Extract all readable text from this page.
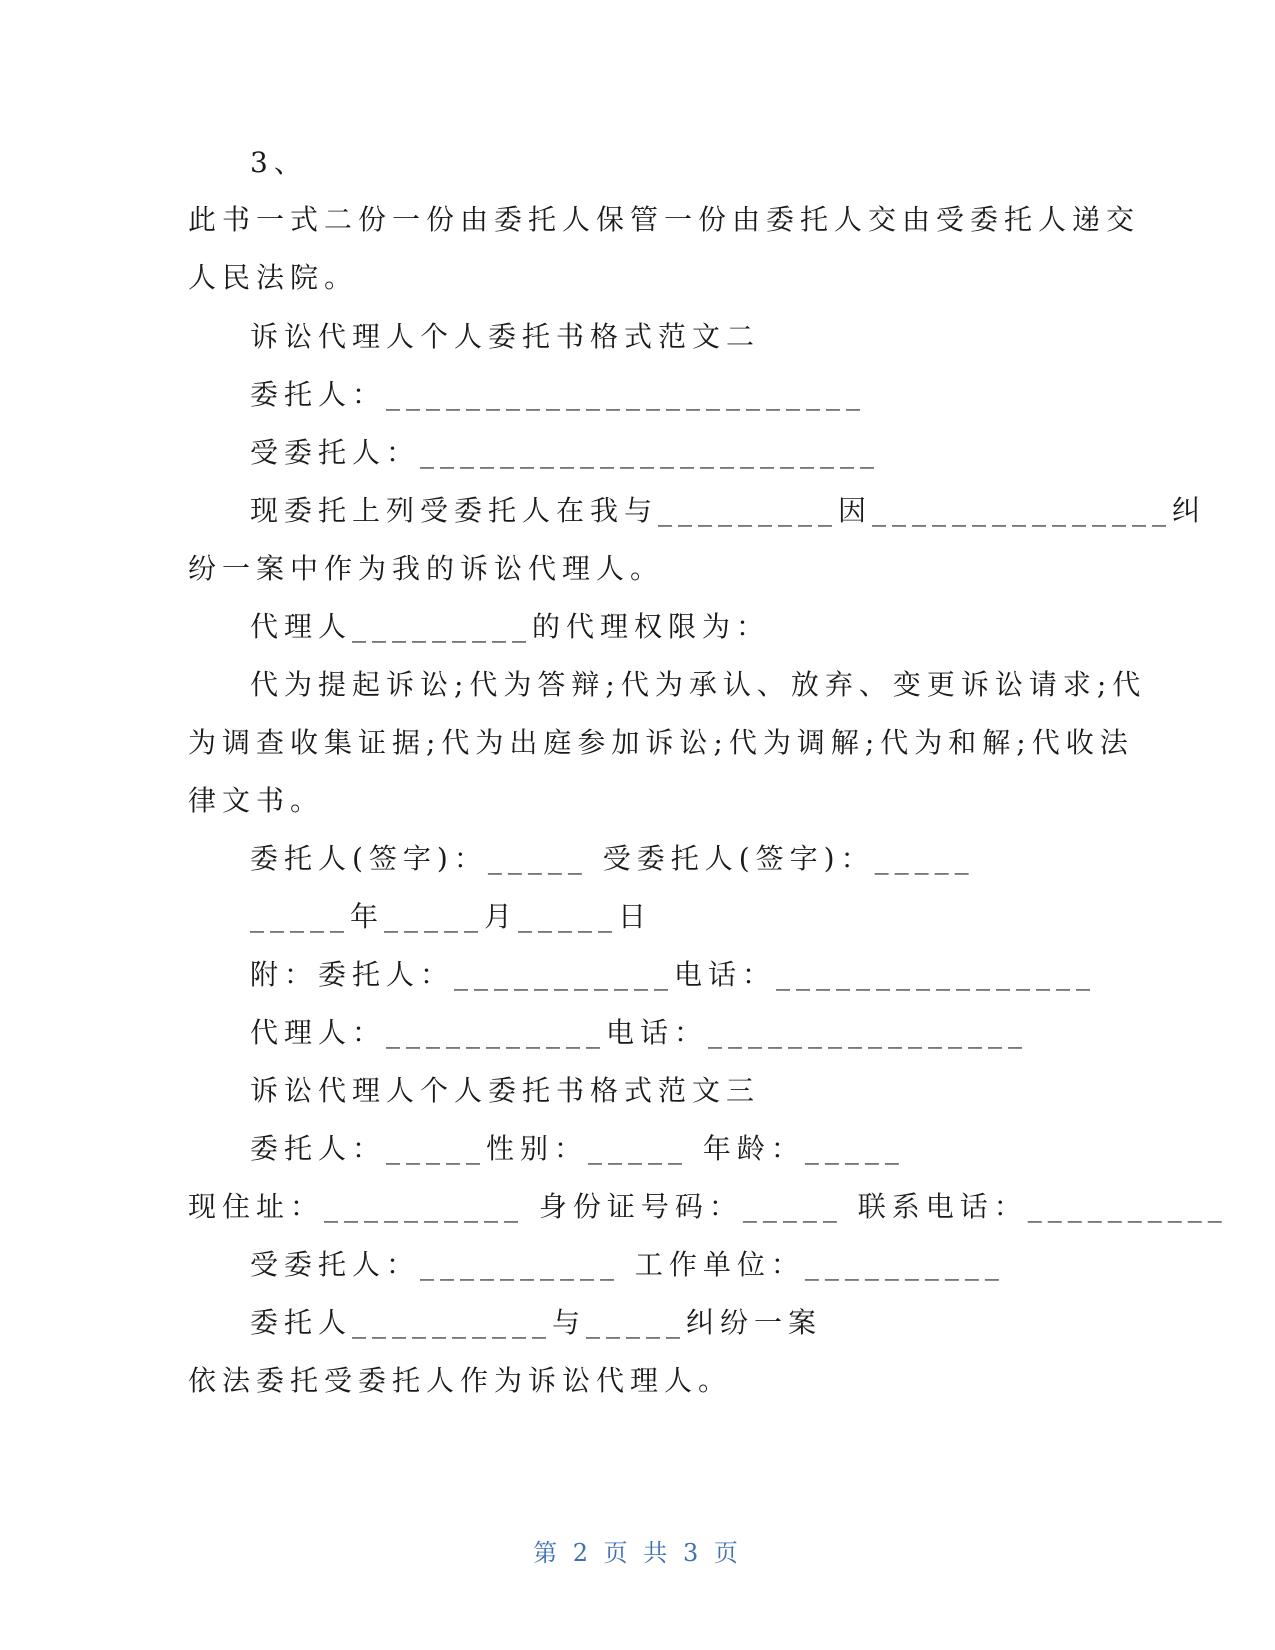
3、
此书一式二份一份由委托人保管一份由委托人交由受委托人递交
人民法院。
诉讼代理人个人委托书格式范文二
委托人：________________________
受委托人：_______________________
现委托上列受委托人在我与_________因_______________纠
纷一案中作为我的诉讼代理人。
代理人_________的代理权限为：
代为提起诉讼;代为答辩;代为承认、放弃、变更诉讼请求;代
为调查收集证据;代为出庭参加诉讼;代为调解;代为和解;代收法
律文书。
委托人(签字)：_____ 受委托人(签字)：_____
_____年_____月_____日
附：委托人：___________电话：________________
代理人：___________电话：________________
诉讼代理人个人委托书格式范文三
委托人：_____性别：_____ 年龄：_____
现住址：__________ 身份证号码：_____ 联系电话：__________
受委托人：__________ 工作单位：__________
委托人__________与_____纠纷一案
依法委托受委托人作为诉讼代理人。
第 2 页 共 3 页
